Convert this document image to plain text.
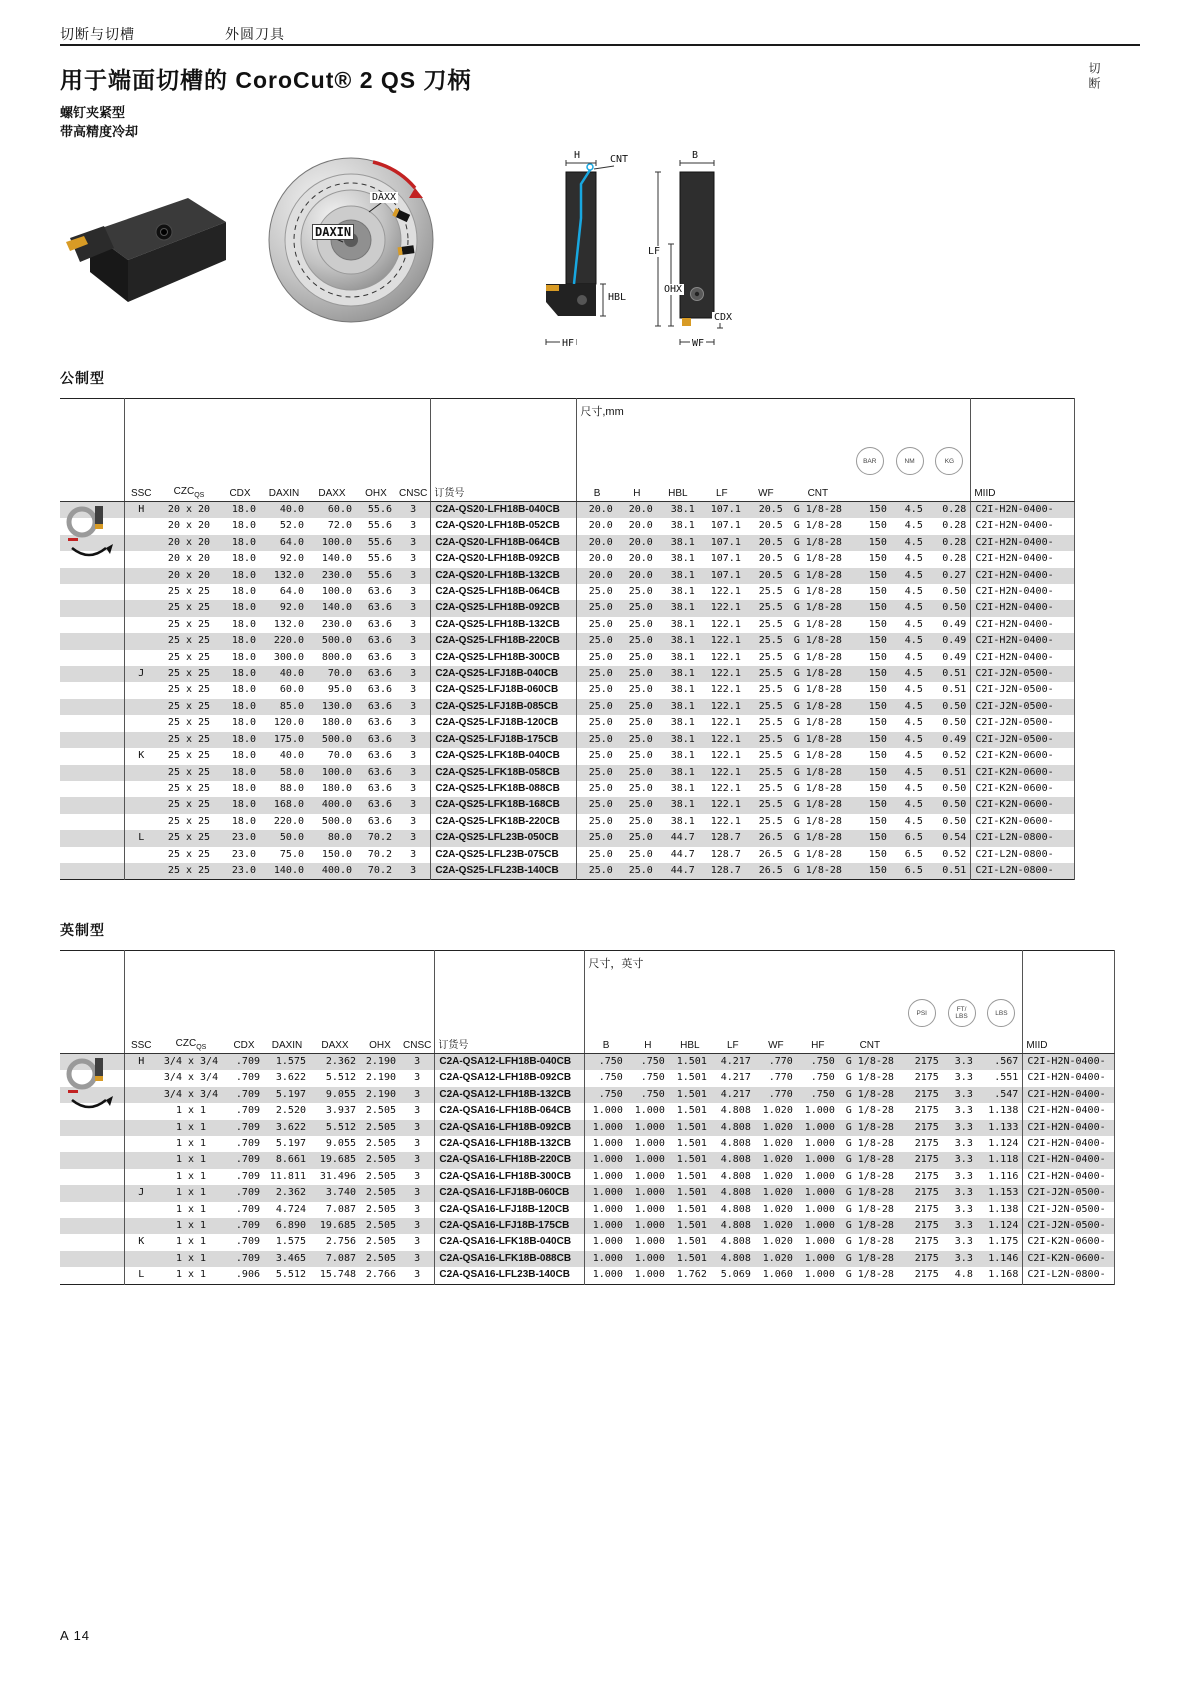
切断与切槽	外圆刀具
切断
用于端面切槽的 CoroCut® 2 QS 刀柄
螺钉夹紧型
带高精度冷却
DAXX
DAXIN
H	CNT
HBL
HF
LF
OHX
B
CDX
WF
公制型

									尺寸,mm						BAR NM KG			

	SSC	$CZC_{QS}$	CDX	DAXIN	DAXX	OHX	CNSC	订货号	B	H	HBL	LF	WF	CNT				MIID
	H	20 x 20	18.0	40.0	60.0	55.6	3	C2A-QS20-LFH18B-040CB	20.0	20.0	38.1	107.1	20.5	G 1/8-28	150	4.5	0.28	C2I-H2N-0400-
		20 x 20	18.0	52.0	72.0	55.6	3	C2A-QS20-LFH18B-052CB	20.0	20.0	38.1	107.1	20.5	G 1/8-28	150	4.5	0.28	C2I-H2N-0400-
		20 x 20	18.0	64.0	100.0	55.6	3	C2A-QS20-LFH18B-064CB	20.0	20.0	38.1	107.1	20.5	G 1/8-28	150	4.5	0.28	C2I-H2N-0400-
		20 x 20	18.0	92.0	140.0	55.6	3	C2A-QS20-LFH18B-092CB	20.0	20.0	38.1	107.1	20.5	G 1/8-28	150	4.5	0.28	C2I-H2N-0400-
		20 x 20	18.0	132.0	230.0	55.6	3	C2A-QS20-LFH18B-132CB	20.0	20.0	38.1	107.1	20.5	G 1/8-28	150	4.5	0.27	C2I-H2N-0400-
		25 x 25	18.0	64.0	100.0	63.6	3	C2A-QS25-LFH18B-064CB	25.0	25.0	38.1	122.1	25.5	G 1/8-28	150	4.5	0.50	C2I-H2N-0400-
		25 x 25	18.0	92.0	140.0	63.6	3	C2A-QS25-LFH18B-092CB	25.0	25.0	38.1	122.1	25.5	G 1/8-28	150	4.5	0.50	C2I-H2N-0400-
		25 x 25	18.0	132.0	230.0	63.6	3	C2A-QS25-LFH18B-132CB	25.0	25.0	38.1	122.1	25.5	G 1/8-28	150	4.5	0.49	C2I-H2N-0400-
		25 x 25	18.0	220.0	500.0	63.6	3	C2A-QS25-LFH18B-220CB	25.0	25.0	38.1	122.1	25.5	G 1/8-28	150	4.5	0.49	C2I-H2N-0400-
		25 x 25	18.0	300.0	800.0	63.6	3	C2A-QS25-LFH18B-300CB	25.0	25.0	38.1	122.1	25.5	G 1/8-28	150	4.5	0.49	C2I-H2N-0400-
	J	25 x 25	18.0	40.0	70.0	63.6	3	C2A-QS25-LFJ18B-040CB	25.0	25.0	38.1	122.1	25.5	G 1/8-28	150	4.5	0.51	C2I-J2N-0500-
		25 x 25	18.0	60.0	95.0	63.6	3	C2A-QS25-LFJ18B-060CB	25.0	25.0	38.1	122.1	25.5	G 1/8-28	150	4.5	0.51	C2I-J2N-0500-
		25 x 25	18.0	85.0	130.0	63.6	3	C2A-QS25-LFJ18B-085CB	25.0	25.0	38.1	122.1	25.5	G 1/8-28	150	4.5	0.50	C2I-J2N-0500-
		25 x 25	18.0	120.0	180.0	63.6	3	C2A-QS25-LFJ18B-120CB	25.0	25.0	38.1	122.1	25.5	G 1/8-28	150	4.5	0.50	C2I-J2N-0500-
		25 x 25	18.0	175.0	500.0	63.6	3	C2A-QS25-LFJ18B-175CB	25.0	25.0	38.1	122.1	25.5	G 1/8-28	150	4.5	0.49	C2I-J2N-0500-
	K	25 x 25	18.0	40.0	70.0	63.6	3	C2A-QS25-LFK18B-040CB	25.0	25.0	38.1	122.1	25.5	G 1/8-28	150	4.5	0.52	C2I-K2N-0600-
		25 x 25	18.0	58.0	100.0	63.6	3	C2A-QS25-LFK18B-058CB	25.0	25.0	38.1	122.1	25.5	G 1/8-28	150	4.5	0.51	C2I-K2N-0600-
		25 x 25	18.0	88.0	180.0	63.6	3	C2A-QS25-LFK18B-088CB	25.0	25.0	38.1	122.1	25.5	G 1/8-28	150	4.5	0.50	C2I-K2N-0600-
		25 x 25	18.0	168.0	400.0	63.6	3	C2A-QS25-LFK18B-168CB	25.0	25.0	38.1	122.1	25.5	G 1/8-28	150	4.5	0.50	C2I-K2N-0600-
		25 x 25	18.0	220.0	500.0	63.6	3	C2A-QS25-LFK18B-220CB	25.0	25.0	38.1	122.1	25.5	G 1/8-28	150	4.5	0.50	C2I-K2N-0600-
	L	25 x 25	23.0	50.0	80.0	70.2	3	C2A-QS25-LFL23B-050CB	25.0	25.0	44.7	128.7	26.5	G 1/8-28	150	6.5	0.54	C2I-L2N-0800-
		25 x 25	23.0	75.0	150.0	70.2	3	C2A-QS25-LFL23B-075CB	25.0	25.0	44.7	128.7	26.5	G 1/8-28	150	6.5	0.52	C2I-L2N-0800-
		25 x 25	23.0	140.0	400.0	70.2	3	C2A-QS25-LFL23B-140CB	25.0	25.0	44.7	128.7	26.5	G 1/8-28	150	6.5	0.51	C2I-L2N-0800-
英制型

									尺寸，英寸							PSI FT/
LBS LBS			

	SSC	$CZC_{QS}$	CDX	DAXIN	DAXX	OHX	CNSC	订货号	B	H	HBL	LF	WF	HF	CNT				MIID
	H	3/4 x 3/4	.709	1.575	2.362	2.190	3	C2A-QSA12-LFH18B-040CB	.750	.750	1.501	4.217	.770	.750	G 1/8-28	2175	3.3	.567	C2I-H2N-0400-
		3/4 x 3/4	.709	3.622	5.512	2.190	3	C2A-QSA12-LFH18B-092CB	.750	.750	1.501	4.217	.770	.750	G 1/8-28	2175	3.3	.551	C2I-H2N-0400-
		3/4 x 3/4	.709	5.197	9.055	2.190	3	C2A-QSA12-LFH18B-132CB	.750	.750	1.501	4.217	.770	.750	G 1/8-28	2175	3.3	.547	C2I-H2N-0400-
		1 x 1	.709	2.520	3.937	2.505	3	C2A-QSA16-LFH18B-064CB	1.000	1.000	1.501	4.808	1.020	1.000	G 1/8-28	2175	3.3	1.138	C2I-H2N-0400-
		1 x 1	.709	3.622	5.512	2.505	3	C2A-QSA16-LFH18B-092CB	1.000	1.000	1.501	4.808	1.020	1.000	G 1/8-28	2175	3.3	1.133	C2I-H2N-0400-
		1 x 1	.709	5.197	9.055	2.505	3	C2A-QSA16-LFH18B-132CB	1.000	1.000	1.501	4.808	1.020	1.000	G 1/8-28	2175	3.3	1.124	C2I-H2N-0400-
		1 x 1	.709	8.661	19.685	2.505	3	C2A-QSA16-LFH18B-220CB	1.000	1.000	1.501	4.808	1.020	1.000	G 1/8-28	2175	3.3	1.118	C2I-H2N-0400-
		1 x 1	.709	11.811	31.496	2.505	3	C2A-QSA16-LFH18B-300CB	1.000	1.000	1.501	4.808	1.020	1.000	G 1/8-28	2175	3.3	1.116	C2I-H2N-0400-
	J	1 x 1	.709	2.362	3.740	2.505	3	C2A-QSA16-LFJ18B-060CB	1.000	1.000	1.501	4.808	1.020	1.000	G 1/8-28	2175	3.3	1.153	C2I-J2N-0500-
		1 x 1	.709	4.724	7.087	2.505	3	C2A-QSA16-LFJ18B-120CB	1.000	1.000	1.501	4.808	1.020	1.000	G 1/8-28	2175	3.3	1.138	C2I-J2N-0500-
		1 x 1	.709	6.890	19.685	2.505	3	C2A-QSA16-LFJ18B-175CB	1.000	1.000	1.501	4.808	1.020	1.000	G 1/8-28	2175	3.3	1.124	C2I-J2N-0500-
	K	1 x 1	.709	1.575	2.756	2.505	3	C2A-QSA16-LFK18B-040CB	1.000	1.000	1.501	4.808	1.020	1.000	G 1/8-28	2175	3.3	1.175	C2I-K2N-0600-
		1 x 1	.709	3.465	7.087	2.505	3	C2A-QSA16-LFK18B-088CB	1.000	1.000	1.501	4.808	1.020	1.000	G 1/8-28	2175	3.3	1.146	C2I-K2N-0600-
	L	1 x 1	.906	5.512	15.748	2.766	3	C2A-QSA16-LFL23B-140CB	1.000	1.000	1.762	5.069	1.060	1.000	G 1/8-28	2175	4.8	1.168	C2I-L2N-0800-
A 14
